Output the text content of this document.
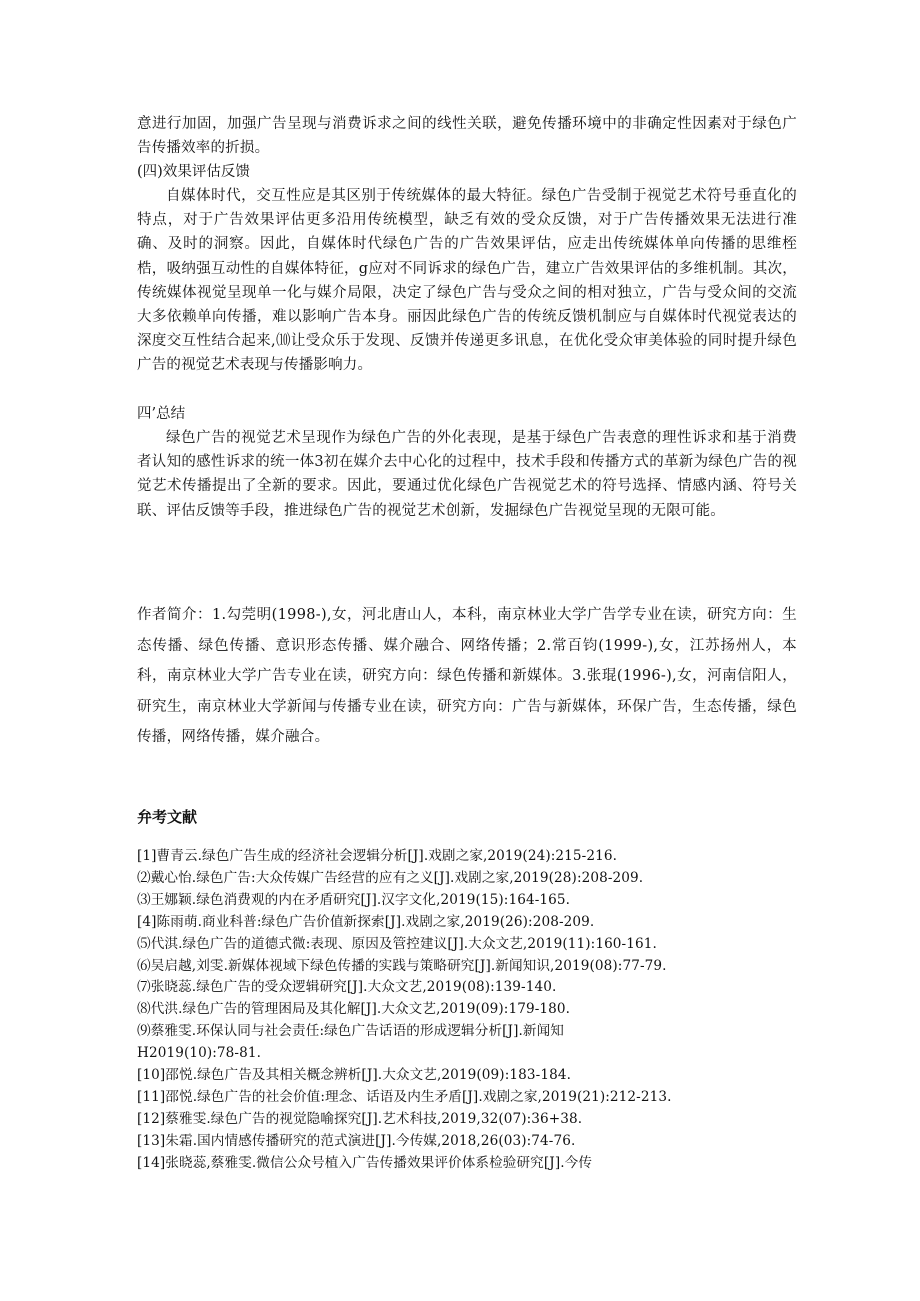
意进行加固，加强广告呈现与消费诉求之间的线性关联，避免传播环境中的非确定性因素对于绿色广告传播效率的折损。

(四)效果评估反馈

自媒体时代，交互性应是其区别于传统媒体的最大特征。绿色广告受制于视觉艺术符号垂直化的特点，对于广告效果评估更多沿用传统模型，缺乏有效的受众反馈，对于广告传播效果无法进行准确、及时的洞察。因此，自媒体时代绿色广告的广告效果评估，应走出传统媒体单向传播的思维桎梏，吸纳强互动性的自媒体特征，g应对不同诉求的绿色广告，建立广告效果评估的多维机制。其次，传统媒体视觉呈现单一化与媒介局限，决定了绿色广告与受众之间的相对独立，广告与受众间的交流大多依赖单向传播，难以影响广告本身。丽因此绿色广告的传统反馈机制应与自媒体时代视觉表达的深度交互性结合起来,⑽让受众乐于发现、反馈并传递更多讯息，在优化受众审美体验的同时提升绿色广告的视觉艺术表现与传播影响力。

四’总结

绿色广告的视觉艺术呈现作为绿色广告的外化表现，是基于绿色广告表意的理性诉求和基于消费者认知的感性诉求的统一体3初在媒介去中心化的过程中，技术手段和传播方式的革新为绿色广告的视觉艺术传播提出了全新的要求。因此，要通过优化绿色广告视觉艺术的符号选择、情感内涵、符号关联、评估反馈等手段，推进绿色广告的视觉艺术创新，发掘绿色广告视觉呈现的无限可能。

作者简介：1.勾莞明(1998-),女，河北唐山人，本科，南京林业大学广告学专业在读，研究方向：生态传播、绿色传播、意识形态传播、媒介融合、网络传播；2.常百钧(1999-),女，江苏扬州人，本科，南京林业大学广告专业在读，研究方向：绿色传播和新媒体。3.张琨(1996-),女，河南信阳人，研究生，南京林业大学新闻与传播专业在读，研究方向：广告与新媒体，环保广告，生态传播，绿色传播，网络传播，媒介融合。

弁考文献
[1]曹青云.绿色广告生成的经济社会逻辑分析[J].戏剧之家,2019(24):215-216.
⑵戴心怡.绿色广告:大众传媒广告经营的应有之义[J].戏剧之家,2019(28):208-209.
⑶王娜颖.绿色消费观的内在矛盾研究[J].汉字文化,2019(15):164-165.
[4]陈雨萌.商业科普:绿色广告价值新探索[J].戏剧之家,2019(26):208-209.
⑸代淇.绿色广告的道德式微:表现、原因及管控建议[J].大众文艺,2019(11):160-161.
⑹吴启越,刘雯.新媒体视域下绿色传播的实践与策略研究[J].新闻知识,2019(08):77-79.
⑺张晓蕊.绿色广告的受众逻辑研究[J].大众文艺,2019(08):139-140.
⑻代洪.绿色广告的管理困局及其化解[J].大众文艺,2019(09):179-180.
⑼蔡雅雯.环保认同与社会责任:绿色广告话语的形成逻辑分析[J].新闻知
H2019(10):78-81.
[10]邵悦.绿色广告及其相关概念辨析[J].大众文艺,2019(09):183-184.
[11]邵悦.绿色广告的社会价值:理念、话语及内生矛盾[J].戏剧之家,2019(21):212-213.
[12]蔡雅雯.绿色广告的视觉隐喻探究[J].艺术科技,2019,32(07):36+38.
[13]朱霜.国内情感传播研究的范式演进[J].今传媒,2018,26(03):74-76.
[14]张晓蕊,蔡雅雯.微信公众号植入广告传播效果评价体系检验研究[J].今传
